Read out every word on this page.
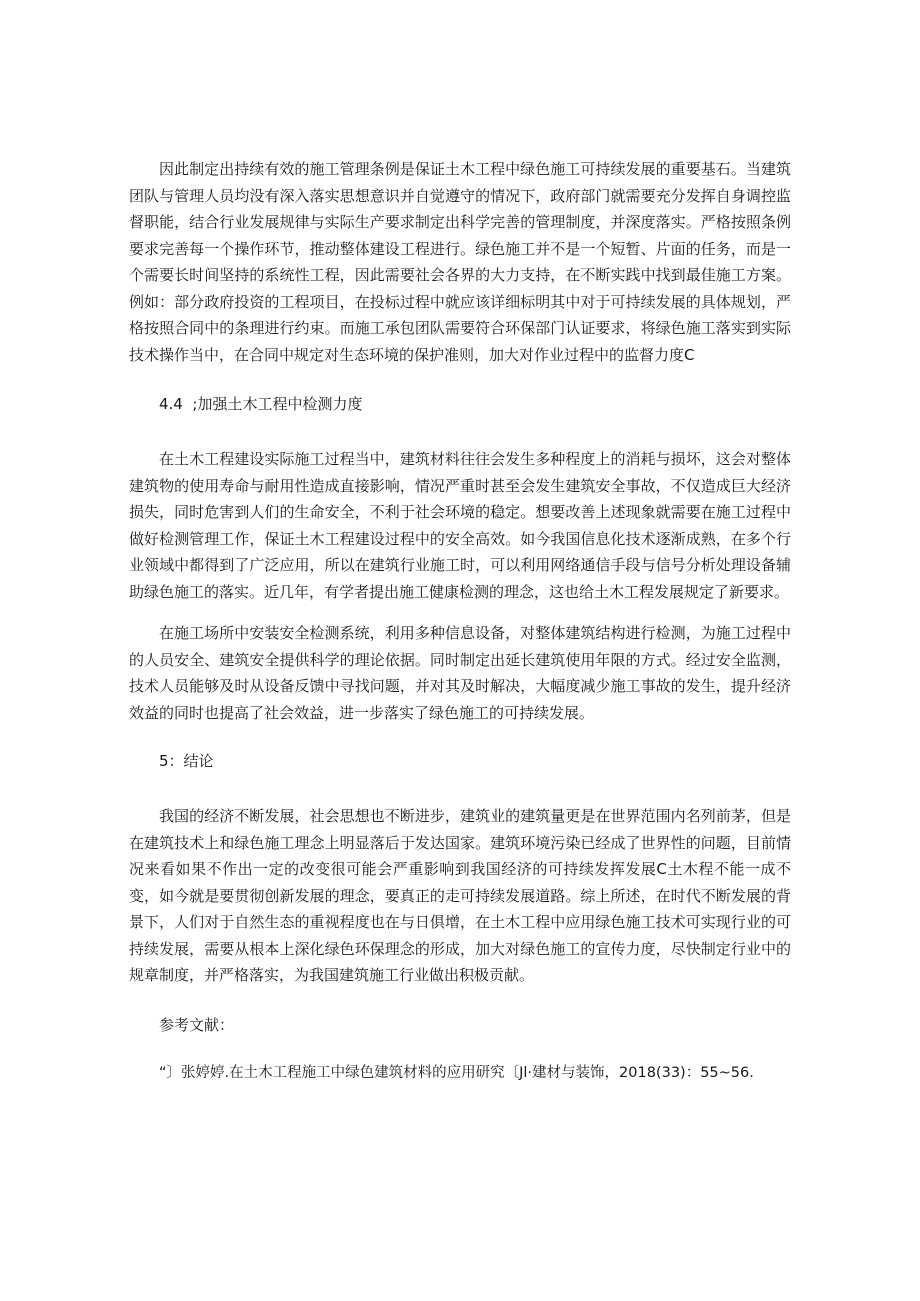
因此制定出持续有效的施工管理条例是保证土木工程中绿色施工可持续发展的重要基石。当建筑团队与管理人员均没有深入落实思想意识并自觉遵守的情况下，政府部门就需要充分发挥自身调控监督职能，结合行业发展规律与实际生产要求制定出科学完善的管理制度，并深度落实。严格按照条例要求完善每一个操作环节，推动整体建设工程进行。绿色施工并不是一个短暂、片面的任务，而是一个需要长时间坚持的系统性工程，因此需要社会各界的大力支持，在不断实践中找到最佳施工方案。例如：部分政府投资的工程项目，在投标过程中就应该详细标明其中对于可持续发展的具体规划，严格按照合同中的条理进行约束。而施工承包团队需要符合环保部门认证要求，将绿色施工落实到实际技术操作当中，在合同中规定对生态环境的保护准则，加大对作业过程中的监督力度C
4.4  ;加强土木工程中检测力度
在土木工程建设实际施工过程当中，建筑材料往往会发生多种程度上的消耗与损坏，这会对整体建筑物的使用寿命与耐用性造成直接影响，情况严重时甚至会发生建筑安全事故，不仅造成巨大经济损失，同时危害到人们的生命安全，不利于社会环境的稳定。想要改善上述现象就需要在施工过程中做好检测管理工作，保证土木工程建设过程中的安全高效。如今我国信息化技术逐渐成熟，在多个行业领域中都得到了广泛应用，所以在建筑行业施工时，可以利用网络通信手段与信号分析处理设备辅助绿色施工的落实。近几年，有学者提出施工健康检测的理念，这也给土木工程发展规定了新要求。
在施工场所中安装安全检测系统，利用多种信息设备，对整体建筑结构进行检测，为施工过程中的人员安全、建筑安全提供科学的理论依据。同时制定出延长建筑使用年限的方式。经过安全监测，技术人员能够及时从设备反馈中寻找问题，并对其及时解决，大幅度减少施工事故的发生，提升经济效益的同时也提高了社会效益，进一步落实了绿色施工的可持续发展。
5：结论
我国的经济不断发展，社会思想也不断进步，建筑业的建筑量更是在世界范围内名列前茅，但是在建筑技术上和绿色施工理念上明显落后于发达国家。建筑环境污染已经成了世界性的问题，目前情况来看如果不作出一定的改变很可能会严重影响到我国经济的可持续发挥发展C土木程不能一成不变，如今就是要贯彻创新发展的理念，要真正的走可持续发展道路。综上所述，在时代不断发展的背景下，人们对于自然生态的重视程度也在与日俱增，在土木工程中应用绿色施工技术可实现行业的可持续发展，需要从根本上深化绿色环保理念的形成，加大对绿色施工的宣传力度，尽快制定行业中的规章制度，并严格落实，为我国建筑施工行业做出积极贡献。
参考文献：
“〕张婷婷.在土木工程施工中绿色建筑材料的应用研究〔Jl·建材与装饰，2018(33)：55~56.
